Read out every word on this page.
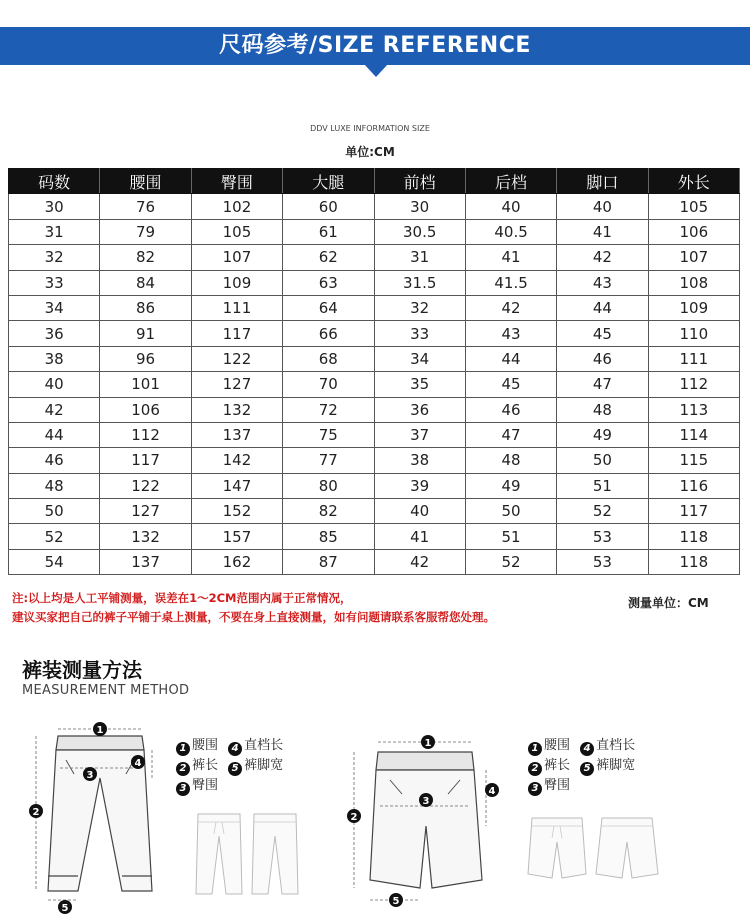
尺码参考/SIZE REFERENCE
DDV LUXE INFORMATION SIZE
单位:CM
码数	腰围	臀围	大腿	前档	后档	脚口	外长
30	76	102	60	30	40	40	105
31	79	105	61	30.5	40.5	41	106
32	82	107	62	31	41	42	107
33	84	109	63	31.5	41.5	43	108
34	86	111	64	32	42	44	109
36	91	117	66	33	43	45	110
38	96	122	68	34	44	46	111
40	101	127	70	35	45	47	112
42	106	132	72	36	46	48	113
44	112	137	75	37	47	49	114
46	117	142	77	38	48	50	115
48	122	147	80	39	49	51	116
50	127	152	82	40	50	52	117
52	132	157	85	41	51	53	118
54	137	162	87	42	52	53	118
注:以上均是人工平铺测量，误差在1～2CM范围内属于正常情况，
建议买家把自己的裤子平铺于桌上测量，不要在身上直接测量，如有问题请联系客服帮您处理。
测量单位：CM
裤装测量方法
MEASUREMENT METHOD
1 腰围 4 直档长
2 裤长 5 裤脚宽
3 臀围
1 腰围 4 直档长
2 裤长 5 裤脚宽
3 臀围
1
2
3
4
5
1
2
3
4
5
